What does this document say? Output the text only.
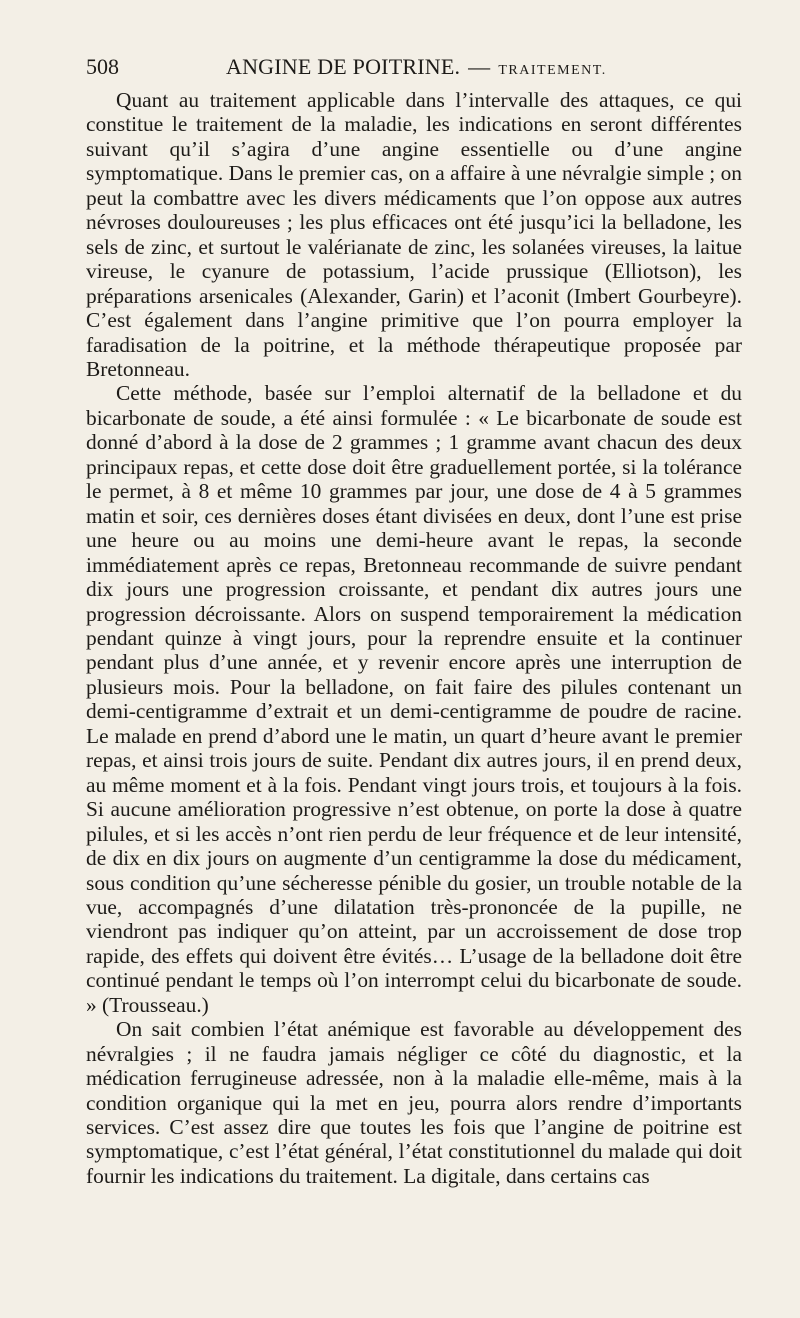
508	ANGINE DE POITRINE. — TRAITEMENT.

Quant au traitement applicable dans l’intervalle des attaques, ce qui constitue le traitement de la maladie, les indications en seront différentes suivant qu’il s’agira d’une angine essentielle ou d’une angine symptomatique. Dans le premier cas, on a affaire à une névralgie simple ; on peut la combattre avec les divers médicaments que l’on oppose aux autres névroses douloureuses ; les plus efficaces ont été jusqu’ici la belladone, les sels de zinc, et surtout le valérianate de zinc, les solanées vireuses, la laitue vireuse, le cyanure de potassium, l’acide prussique (Elliotson), les préparations arsenicales (Alexander, Garin) et l’aconit (Imbert Gourbeyre). C’est également dans l’angine primitive que l’on pourra employer la faradisation de la poitrine, et la méthode thérapeutique proposée par Bretonneau.

Cette méthode, basée sur l’emploi alternatif de la belladone et du bicarbonate de soude, a été ainsi formulée : « Le bicarbonate de soude est donné d’abord à la dose de 2 grammes ; 1 gramme avant chacun des deux principaux repas, et cette dose doit être graduellement portée, si la tolérance le permet, à 8 et même 10 grammes par jour, une dose de 4 à 5 grammes matin et soir, ces dernières doses étant divisées en deux, dont l’une est prise une heure ou au moins une demi-heure avant le repas, la seconde immédiatement après ce repas, Bretonneau recommande de suivre pendant dix jours une progression croissante, et pendant dix autres jours une progression décroissante. Alors on suspend temporairement la médication pendant quinze à vingt jours, pour la reprendre ensuite et la continuer pendant plus d’une année, et y revenir encore après une interruption de plusieurs mois. Pour la belladone, on fait faire des pilules contenant un demi-centigramme d’extrait et un demi-centigramme de poudre de racine. Le malade en prend d’abord une le matin, un quart d’heure avant le premier repas, et ainsi trois jours de suite. Pendant dix autres jours, il en prend deux, au même moment et à la fois. Pendant vingt jours trois, et toujours à la fois. Si aucune amélioration progressive n’est obtenue, on porte la dose à quatre pilules, et si les accès n’ont rien perdu de leur fréquence et de leur intensité, de dix en dix jours on augmente d’un centigramme la dose du médicament, sous condition qu’une sécheresse pénible du gosier, un trouble notable de la vue, accompagnés d’une dilatation très-prononcée de la pupille, ne viendront pas indiquer qu’on atteint, par un accroissement de dose trop rapide, des effets qui doivent être évités… L’usage de la belladone doit être continué pendant le temps où l’on interrompt celui du bicarbonate de soude. » (Trousseau.)

On sait combien l’état anémique est favorable au développement des névralgies ; il ne faudra jamais négliger ce côté du diagnostic, et la médication ferrugineuse adressée, non à la maladie elle-même, mais à la condition organique qui la met en jeu, pourra alors rendre d’importants services. C’est assez dire que toutes les fois que l’angine de poitrine est symptomatique, c’est l’état général, l’état constitutionnel du malade qui doit fournir les indications du traitement. La digitale, dans certains cas
